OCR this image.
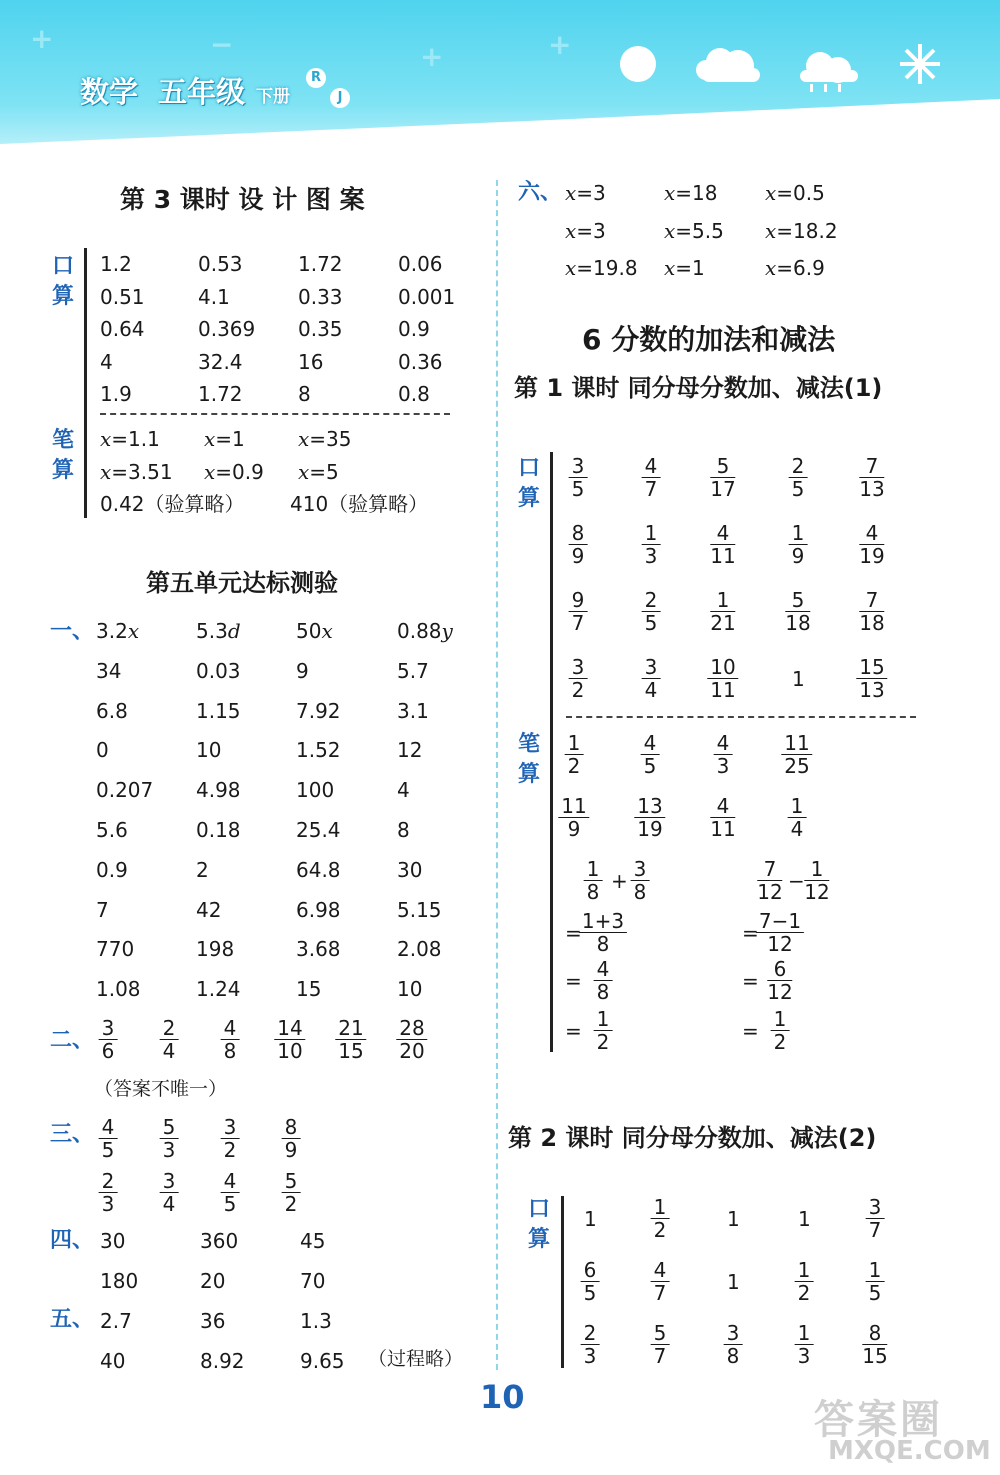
+	−	+	+
数学 五年级 下册
R
J
第 3 课时 设 计 图 案
口算
笔算
1.2	0.53	1.72	0.06
0.51	4.1	0.33	0.001
0.64	0.369 0.35	0.9
4	32.4	16	0.36
1.9	1.72	8	0.8
x=1.1 x=1	x=35
x=3.51 x=0.9 x=5
0.42（验算略） 410（验算略）
第五单元达标测验
一、 3.2x	5.3d	50x	0.88y
34	0.03	9	5.7
6.8	1.15	7.92	3.1
0	10	1.52	12
0.207 4.98	100	4
5.6	0.18	25.4	8
0.9	2	64.8	30
7	42	6.98	5.15
770	198	3.68	2.08
1.08	1.24	15	10
二、 $\frac{3}{6} \frac{2}{4} \frac{4}{8} \frac{14}{10} \frac{21}{15} \frac{28}{20}$
（答案不唯一）
三、 $\frac{4}{5} \frac{5}{3} \frac{3}{2} \frac{8}{9}$
$\frac{2}{3} \frac{3}{4} \frac{4}{5} \frac{5}{2}$
四、 30	360	45
180	20	70
五、 2.7	36	1.3
40	8.92	9.65 （过程略）
六、 x=3	x=18 x=0.5
x=3	x=5.5 x=18.2
x=19.8 x=1	x=6.9
6 分数的加法和减法
第 1 课时 同分母分数加、减法(1)
口算
笔算
$\frac{3}{5}$	$\frac{4}{7} \frac{5}{17}$	$\frac{2}{5}$	$\frac{7}{13}$
$\frac{8}{9}$	$\frac{1}{3} \frac{4}{11}$	$\frac{1}{9}$	$\frac{4}{19}$
$\frac{9}{7}$	$\frac{2}{5} \frac{1}{21} \frac{5}{18} \frac{7}{18}$
$\frac{3}{2}$	$\frac{3}{4} \frac{10}{11}$	1	$\frac{15}{13}$
$\frac{1}{2}$	$\frac{4}{5}$	$\frac{4}{3} \frac{11}{25}$
$\frac{11}{9} \frac{13}{19} \frac{4}{11}$	$\frac{1}{4}$
$\frac{1}{8} + \frac{3}{8}$
=
$\frac{1+3}{8}$
= $\frac{4}{8}$
= $\frac{1}{2}$
$\frac{7}{12} - \frac{1}{12}$
=
$\frac{7-1}{12}$
= $\frac{6}{12}$
= $\frac{1}{2}$
第 2 课时 同分母分数加、减法(2)
口算
1	$\frac{1}{2}$	1	1	$\frac{3}{7}$
$\frac{6}{5}$	$\frac{4}{7}$	1	$\frac{1}{2}$	$\frac{1}{5}$
$\frac{2}{3}$	$\frac{5}{7}$	$\frac{3}{8}$	$\frac{1}{3} \frac{8}{15}$
10	答案圈
MXQE.COM
